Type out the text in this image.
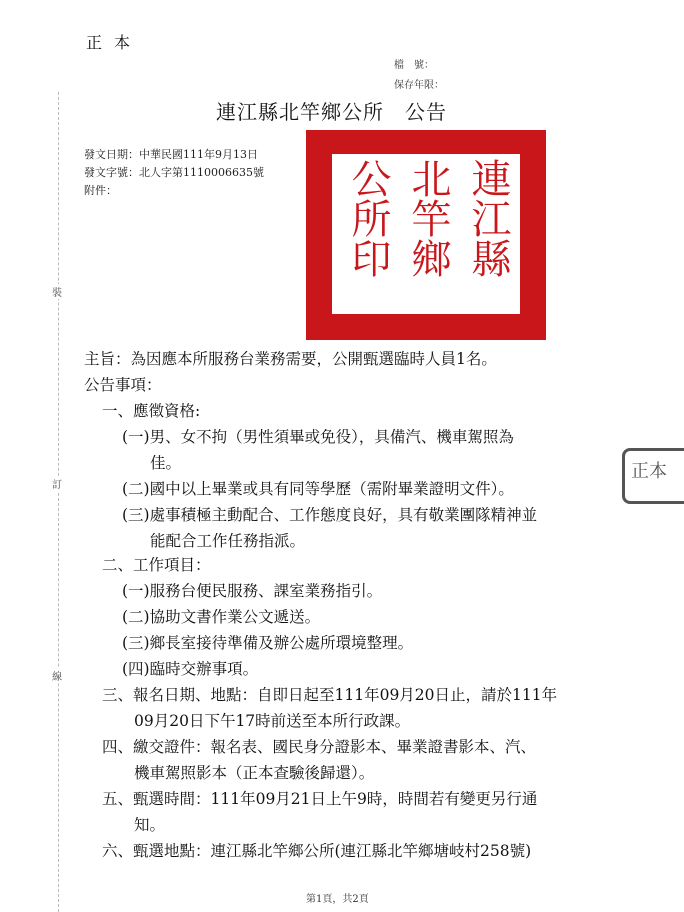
裝
訂
線
正本
檔　號：
保存年限：
連江縣北竿鄉公所　公告
發文日期：中華民國111年9月13日
發文字號：北人字第1110006635號
附件：	連江縣
北竿鄉
公所印
正本
主旨：為因應本所服務台業務需要，公開甄選臨時人員1名。
公告事項：
一、應徵資格:
(一)男、女不拘（男性須畢或免役），具備汽、機車駕照為
佳。
(二)國中以上畢業或具有同等學歷（需附畢業證明文件）。
(三)處事積極主動配合、工作態度良好，具有敬業團隊精神並
能配合工作任務指派。
二、工作項目：
(一)服務台便民服務、課室業務指引。
(二)協助文書作業公文遞送。
(三)鄉長室接待準備及辦公處所環境整理。
(四)臨時交辦事項。
三、報名日期、地點：自即日起至111年09月20日止，請於111年
09月20日下午17時前送至本所行政課。
四、繳交證件：報名表、國民身分證影本、畢業證書影本、汽、
機車駕照影本（正本查驗後歸還）。
五、甄選時間：111年09月21日上午9時，時間若有變更另行通
知。
六、甄選地點：連江縣北竿鄉公所(連江縣北竿鄉塘岐村258號)
第1頁，共2頁
